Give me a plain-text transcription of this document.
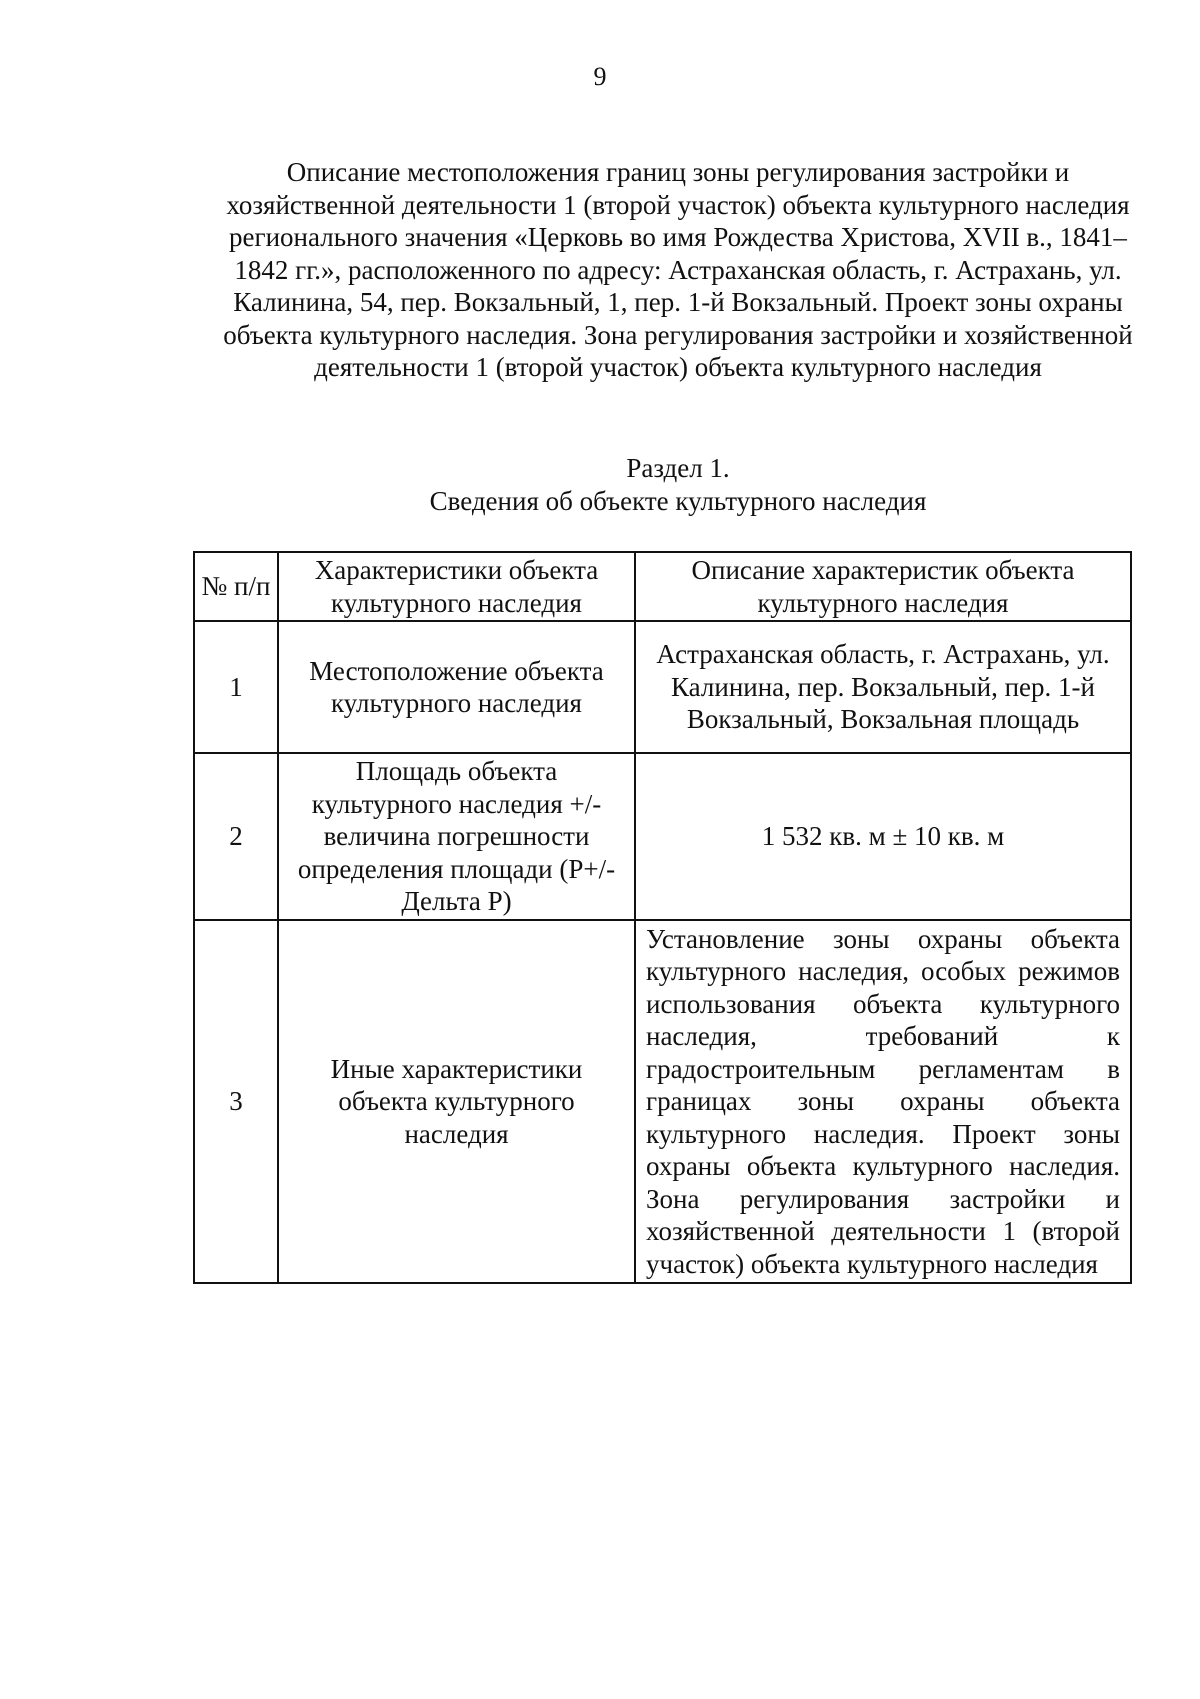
9
Описание местоположения границ зоны регулирования застройки и хозяйственной деятельности 1 (второй участок) объекта культурного наследия регионального значения «Церковь во имя Рождества Христова, XVII в., 1841–1842 гг.», расположенного по адресу: Астраханская область, г. Астрахань, ул. Калинина, 54, пер. Вокзальный, 1, пер. 1-й Вокзальный. Проект зоны охраны объекта культурного наследия. Зона регулирования застройки и хозяйственной деятельности 1 (второй участок) объекта культурного наследия
Раздел 1.
Сведения об объекте культурного наследия
№ п/п	Характеристики объекта культурного наследия	Описание характеристик объекта культурного наследия
1	Местоположение объекта культурного наследия	Астраханская область, г. Астрахань, ул. Калинина, пер. Вокзальный, пер. 1-й Вокзальный, Вокзальная площадь
2	Площадь объекта культурного наследия +/- величина погрешности определения площади (Р+/- Дельта Р)	1 532 кв. м ± 10 кв. м
3	Иные характеристики объекта культурного наследия	Установление зоны охраны объекта культурного наследия, особых режимов использования объекта культурного наследия, требований к градостроительным регламентам в границах зоны охраны объекта культурного наследия. Проект зоны охраны объекта культурного наследия. Зона регулирования застройки и хозяйственной деятельности 1 (второй участок) объекта культурного наследия
